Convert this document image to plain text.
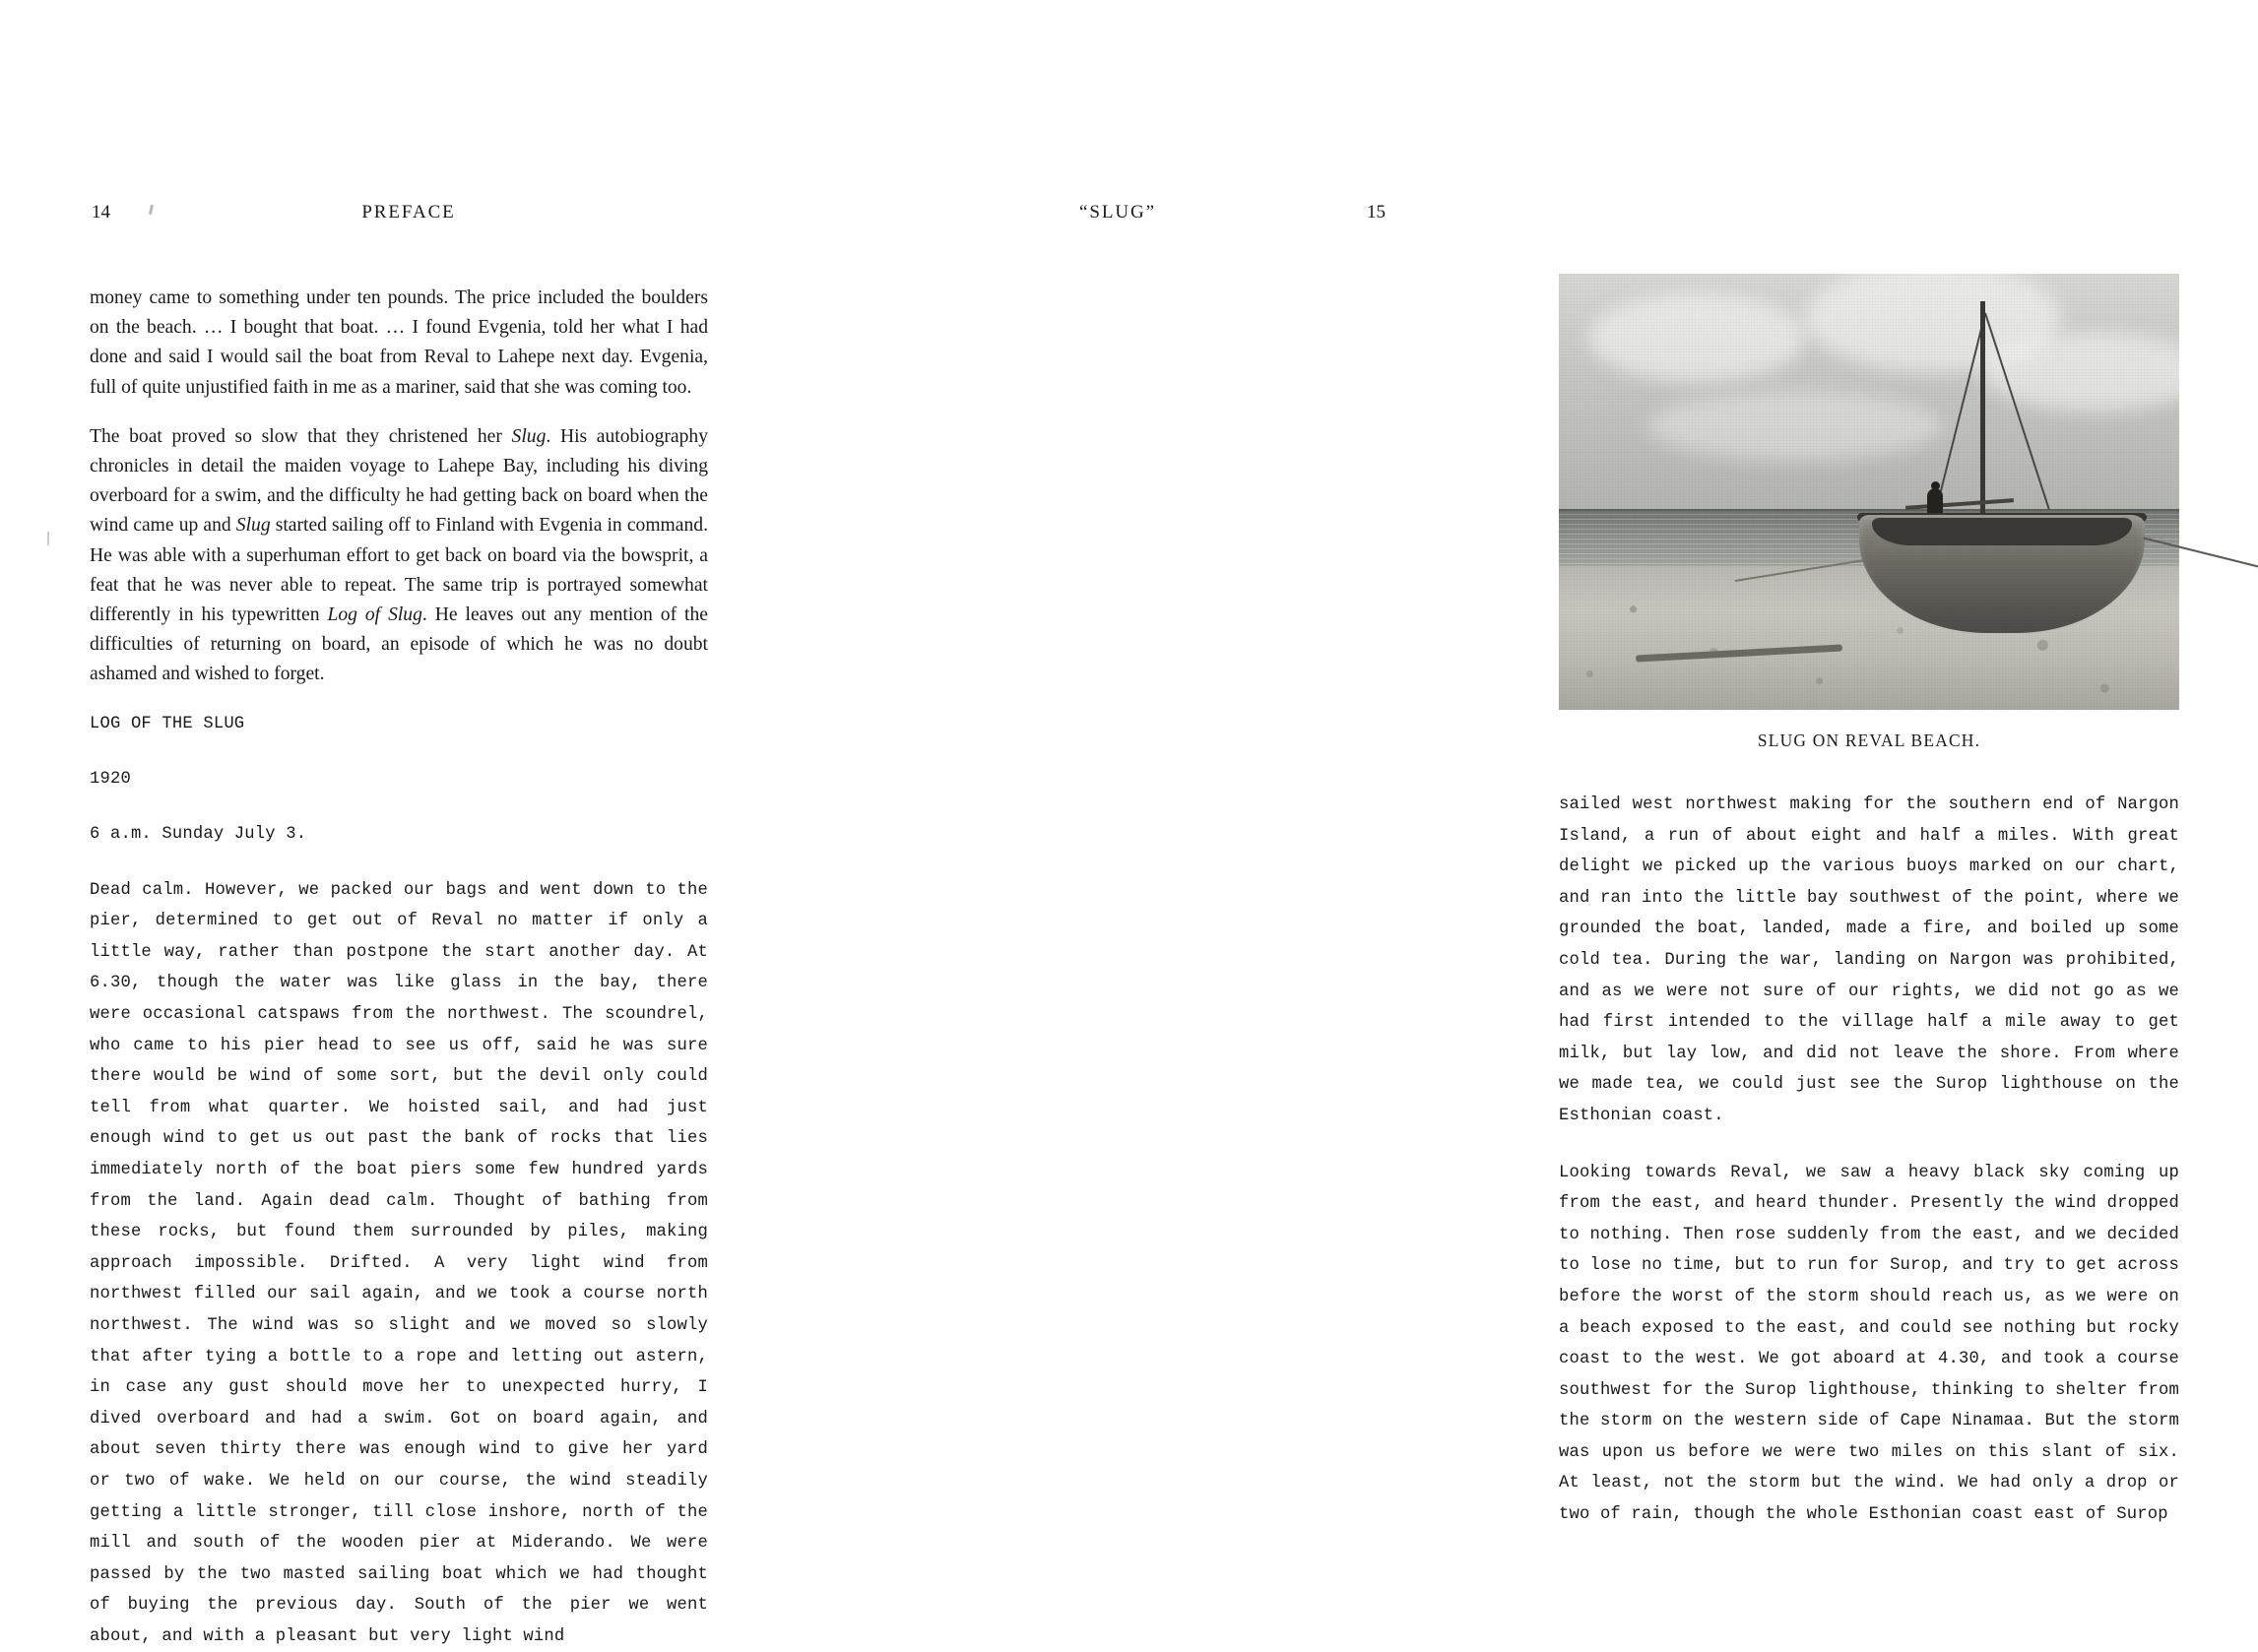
14	PREFACE

money came to something under ten pounds. The price included the boulders on the beach. … I bought that boat. … I found Evgenia, told her what I had done and said I would sail the boat from Reval to Lahepe next day. Evgenia, full of quite unjustified faith in me as a mariner, said that she was coming too.

The boat proved so slow that they christened her Slug. His autobiography chronicles in detail the maiden voyage to Lahepe Bay, including his diving overboard for a swim, and the difficulty he had getting back on board when the wind came up and Slug started sailing off to Finland with Evgenia in command. He was able with a superhuman effort to get back on board via the bowsprit, a feat that he was never able to repeat. The same trip is portrayed somewhat differently in his typewritten Log of Slug. He leaves out any mention of the difficulties of returning on board, an episode of which he was no doubt ashamed and wished to forget.

LOG OF THE SLUG

1920

6 a.m. Sunday July 3.

Dead calm. However, we packed our bags and went down to the pier, determined to get out of Reval no matter if only a little way, rather than postpone the start another day. At 6.30, though the water was like glass in the bay, there were occasional catspaws from the northwest. The scoundrel, who came to his pier head to see us off, said he was sure there would be wind of some sort, but the devil only could tell from what quarter. We hoisted sail, and had just enough wind to get us out past the bank of rocks that lies immediately north of the boat piers some few hundred yards from the land. Again dead calm. Thought of bathing from these rocks, but found them surrounded by piles, making approach impossible. Drifted. A very light wind from northwest filled our sail again, and we took a course north northwest. The wind was so slight and we moved so slowly that after tying a bottle to a rope and letting out astern, in case any gust should move her to unexpected hurry, I dived overboard and had a swim. Got on board again, and about seven thirty there was enough wind to give her yard or two of wake. We held on our course, the wind steadily getting a little stronger, till close inshore, north of the mill and south of the wooden pier at Miderando. We were passed by the two masted sailing boat which we had thought of buying the previous day. South of the pier we went about, and with a pleasant but very light wind

15
“SLUG”
SLUG ON REVAL BEACH.

sailed west northwest making for the southern end of Nargon Island, a run of about eight and half a miles. With great delight we picked up the various buoys marked on our chart, and ran into the little bay southwest of the point, where we grounded the boat, landed, made a fire, and boiled up some cold tea. During the war, landing on Nargon was prohibited, and as we were not sure of our rights, we did not go as we had first intended to the village half a mile away to get milk, but lay low, and did not leave the shore. From where we made tea, we could just see the Surop lighthouse on the Esthonian coast.

Looking towards Reval, we saw a heavy black sky coming up from the east, and heard thunder. Presently the wind dropped to nothing. Then rose suddenly from the east, and we decided to lose no time, but to run for Surop, and try to get across before the worst of the storm should reach us, as we were on a beach exposed to the east, and could see nothing but rocky coast to the west. We got aboard at 4.30, and took a course southwest for the Surop lighthouse, thinking to shelter from the storm on the western side of Cape Ninamaa. But the storm was upon us before we were two miles on this slant of six. At least, not the storm but the wind. We had only a drop or two of rain, though the whole Esthonian coast east of Surop
